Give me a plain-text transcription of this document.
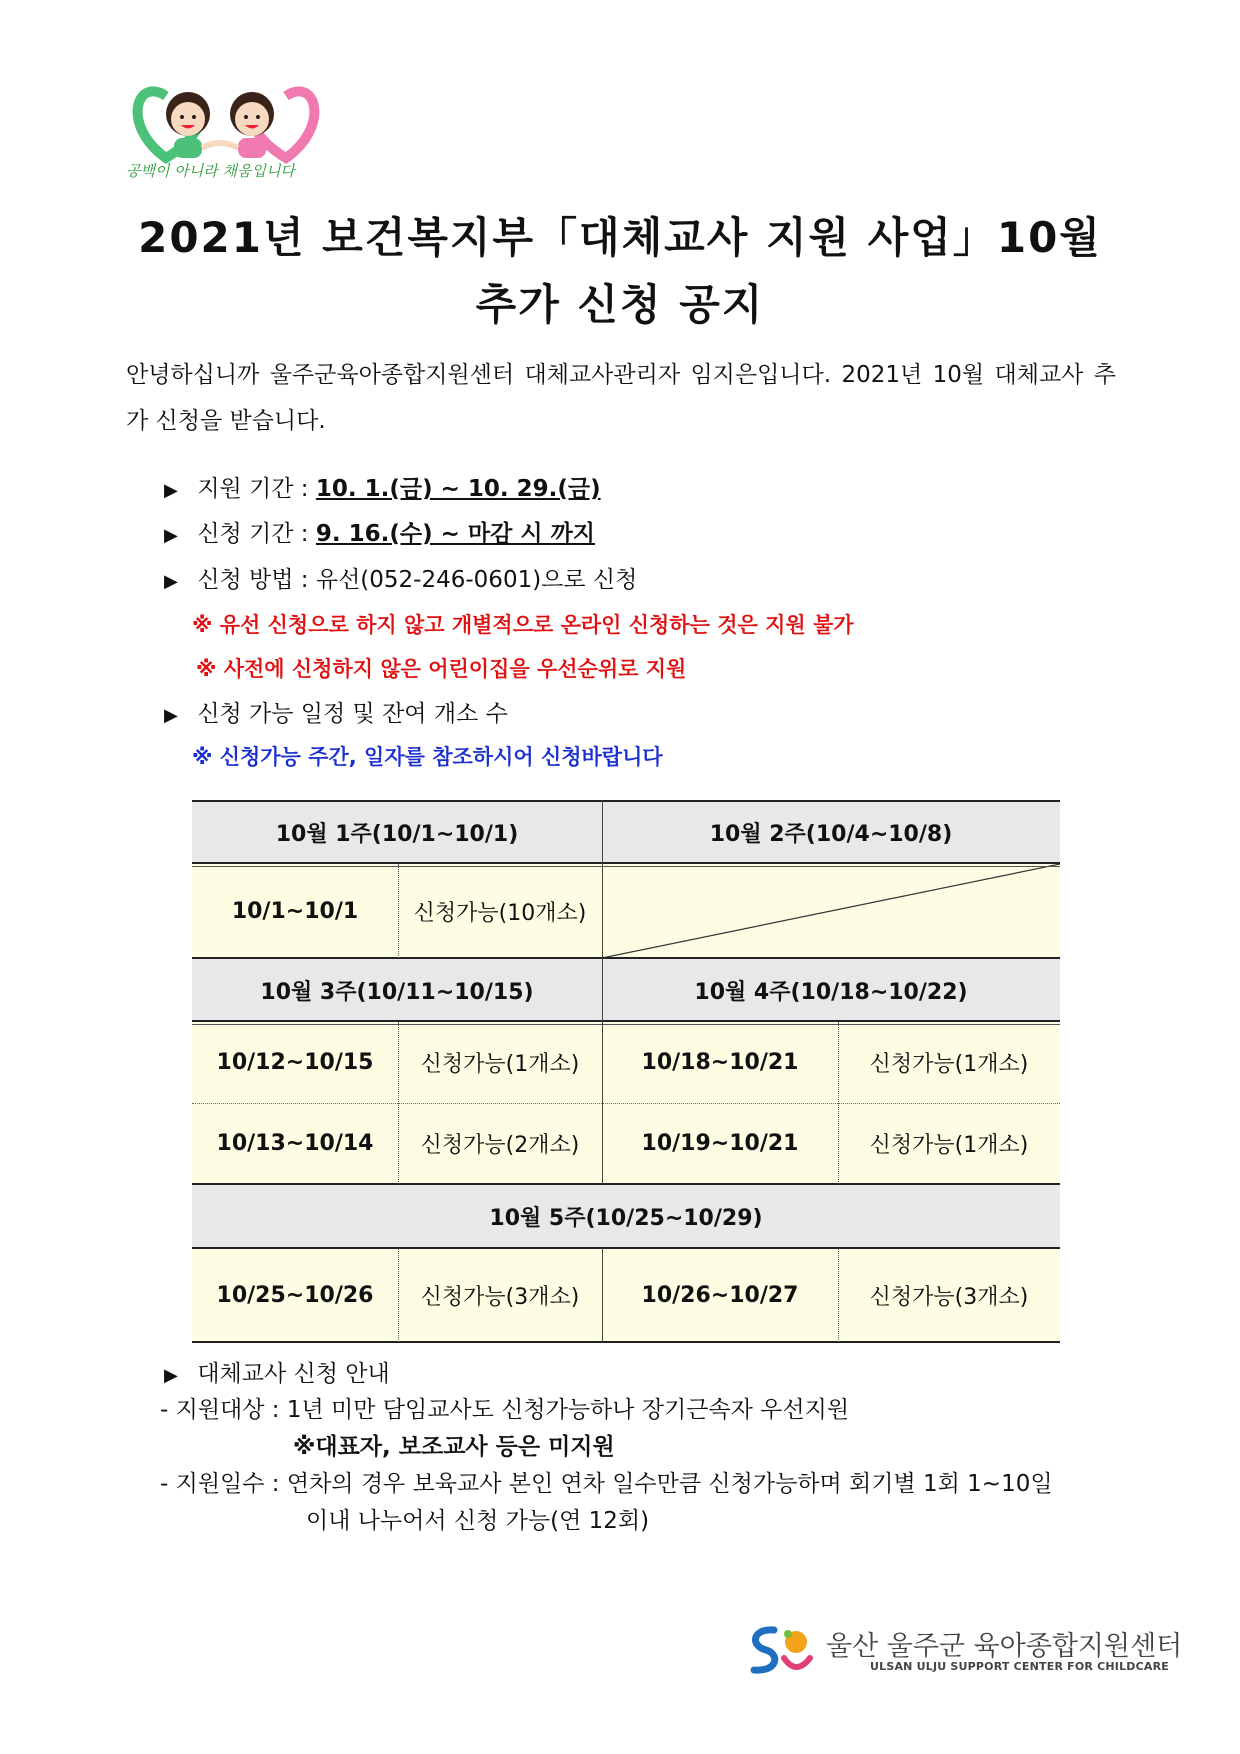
공백이 아니라 채움입니다
2021년 보건복지부「대체교사 지원 사업」10월
추가 신청 공지
안녕하십니까 울주군육아종합지원센터 대체교사관리자 임지은입니다. 2021년 10월 대체교사 추가 신청을 받습니다.
▶ 지원 기간 : 10. 1.(금) ~ 10. 29.(금)
▶ 신청 기간 : 9. 16.(수) ~ 마감 시 까지
▶ 신청 방법 : 유선(052-246-0601)으로 신청
※ 유선 신청으로 하지 않고 개별적으로 온라인 신청하는 것은 지원 불가
※ 사전에 신청하지 않은 어린이집을 우선순위로 지원
▶ 신청 가능 일정 및 잔여 개소 수
※ 신청가능 주간, 일자를 참조하시어 신청바랍니다
10월 1주(10/1~10/1)	10월 2주(10/4~10/8)
10/1~10/1	신청가능(10개소)
10월 3주(10/11~10/15)	10월 4주(10/18~10/22)
10/12~10/15	신청가능(1개소)	10/18~10/21	신청가능(1개소)
10/13~10/14	신청가능(2개소)	10/19~10/21	신청가능(1개소)
10월 5주(10/25~10/29)
10/25~10/26	신청가능(3개소)	10/26~10/27	신청가능(3개소)
▶ 대체교사 신청 안내
- 지원대상 : 1년 미만 담임교사도 신청가능하나 장기근속자 우선지원
※대표자, 보조교사 등은 미지원
- 지원일수 : 연차의 경우 보육교사 본인 연차 일수만큼 신청가능하며 회기별 1회 1~10일
이내 나누어서 신청 가능(연 12회)
울산 울주군 육아종합지원센터
ULSAN ULJU SUPPORT CENTER FOR CHILDCARE
